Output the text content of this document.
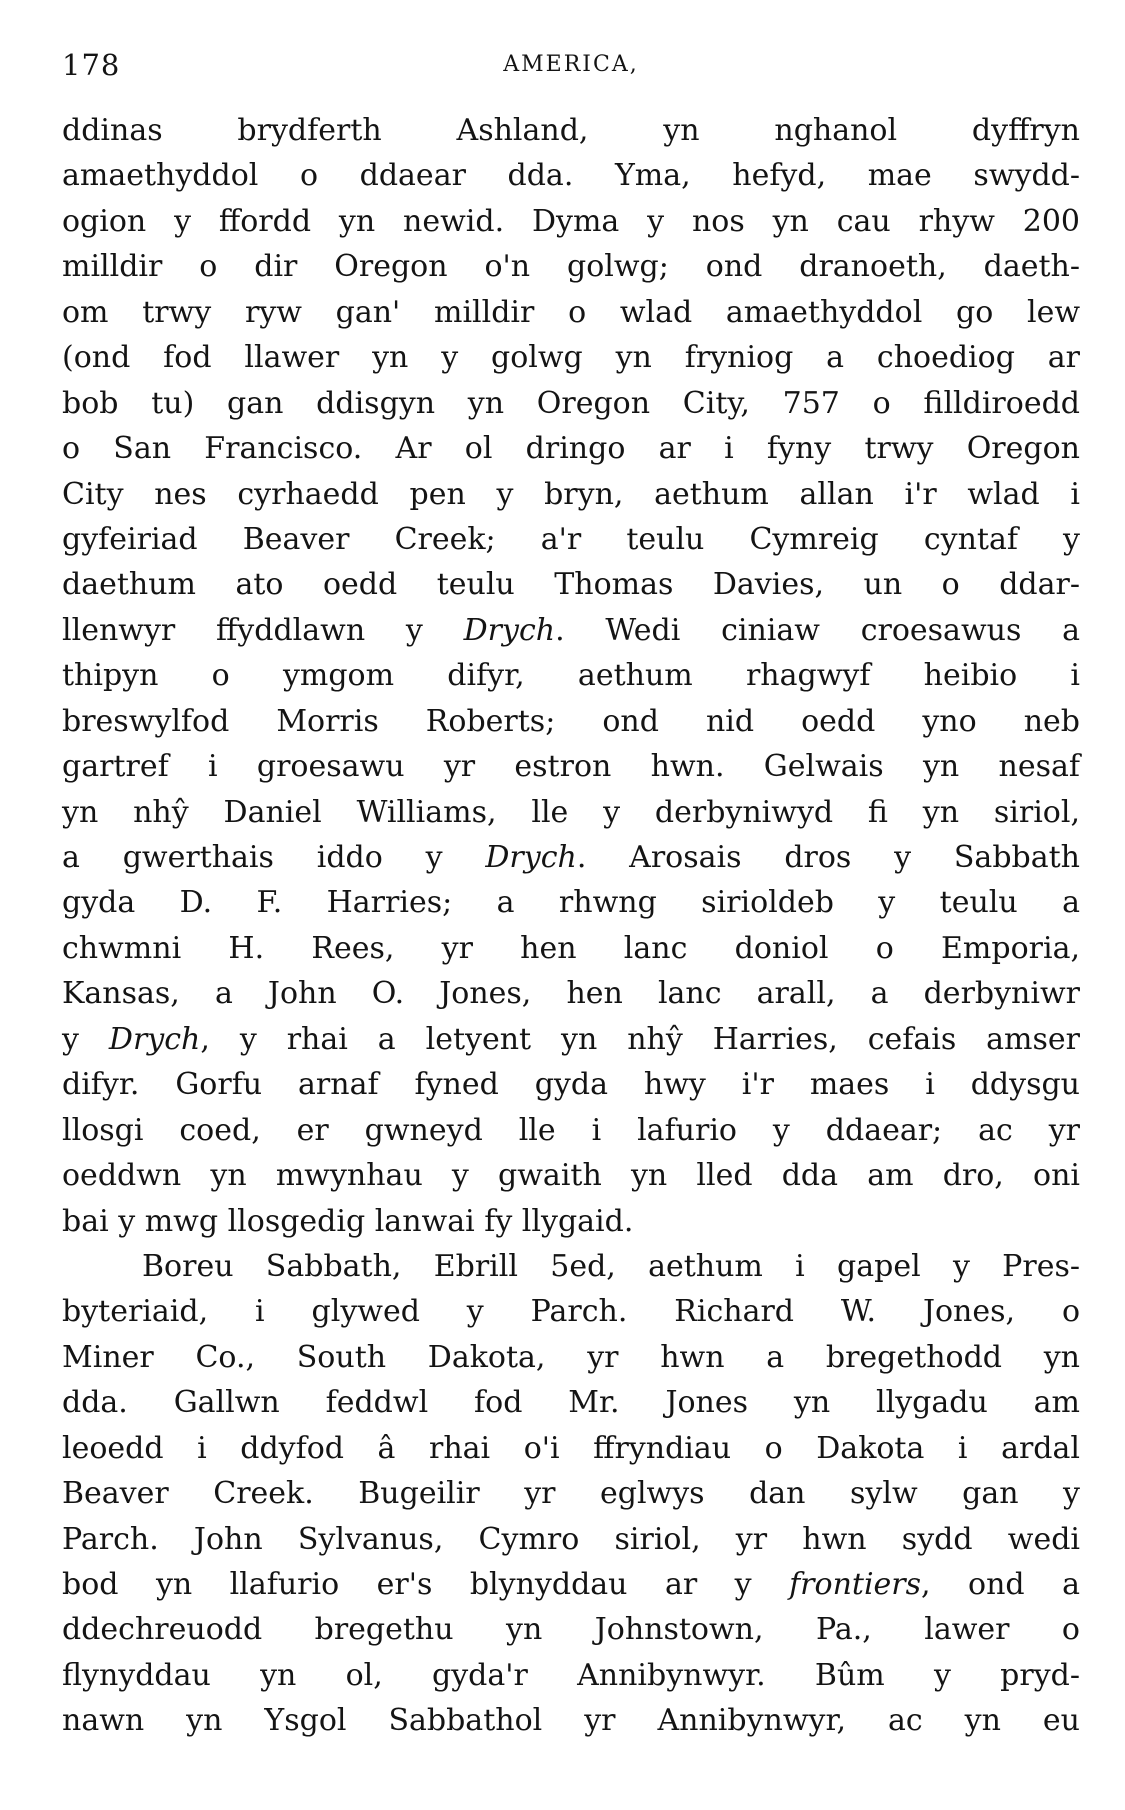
178	AMERICA,
ddinas brydferth Ashland, yn nghanol dyffryn
amaethyddol o ddaear dda. Yma, hefyd, mae swydd-
ogion y ffordd yn newid. Dyma y nos yn cau rhyw 200
milldir o dir Oregon o'n golwg; ond dranoeth, daeth-
om trwy ryw gan' milldir o wlad amaethyddol go lew
(ond fod llawer yn y golwg yn fryniog a choediog ar
bob tu) gan ddisgyn yn Oregon City, 757 o filldiroedd
o San Francisco. Ar ol dringo ar i fyny trwy Oregon
City nes cyrhaedd pen y bryn, aethum allan i'r wlad i
gyfeiriad Beaver Creek; a'r teulu Cymreig cyntaf y
daethum ato oedd teulu Thomas Davies, un o ddar-
llenwyr ffyddlawn y Drych. Wedi ciniaw croesawus a
thipyn o ymgom difyr, aethum rhagwyf heibio i
breswylfod Morris Roberts; ond nid oedd yno neb
gartref i groesawu yr estron hwn. Gelwais yn nesaf
yn nhŷ Daniel Williams, lle y derbyniwyd fi yn siriol,
a gwerthais iddo y Drych. Arosais dros y Sabbath
gyda D. F. Harries; a rhwng sirioldeb y teulu a
chwmni H. Rees, yr hen lanc doniol o Emporia,
Kansas, a John O. Jones, hen lanc arall, a derbyniwr
y Drych, y rhai a letyent yn nhŷ Harries, cefais amser
difyr. Gorfu arnaf fyned gyda hwy i'r maes i ddysgu
llosgi coed, er gwneyd lle i lafurio y ddaear; ac yr
oeddwn yn mwynhau y gwaith yn lled dda am dro, oni
bai y mwg llosgedig lanwai fy llygaid.
Boreu Sabbath, Ebrill 5ed, aethum i gapel y Pres-
byteriaid, i glywed y Parch. Richard W. Jones, o
Miner Co., South Dakota, yr hwn a bregethodd yn
dda. Gallwn feddwl fod Mr. Jones yn llygadu am
leoedd i ddyfod â rhai o'i ffryndiau o Dakota i ardal
Beaver Creek. Bugeilir yr eglwys dan sylw gan y
Parch. John Sylvanus, Cymro siriol, yr hwn sydd wedi
bod yn llafurio er's blynyddau ar y frontiers, ond a
ddechreuodd bregethu yn Johnstown, Pa., lawer o
flynyddau yn ol, gyda'r Annibynwyr. Bûm y pryd-
nawn yn Ysgol Sabbathol yr Annibynwyr, ac yn eu
